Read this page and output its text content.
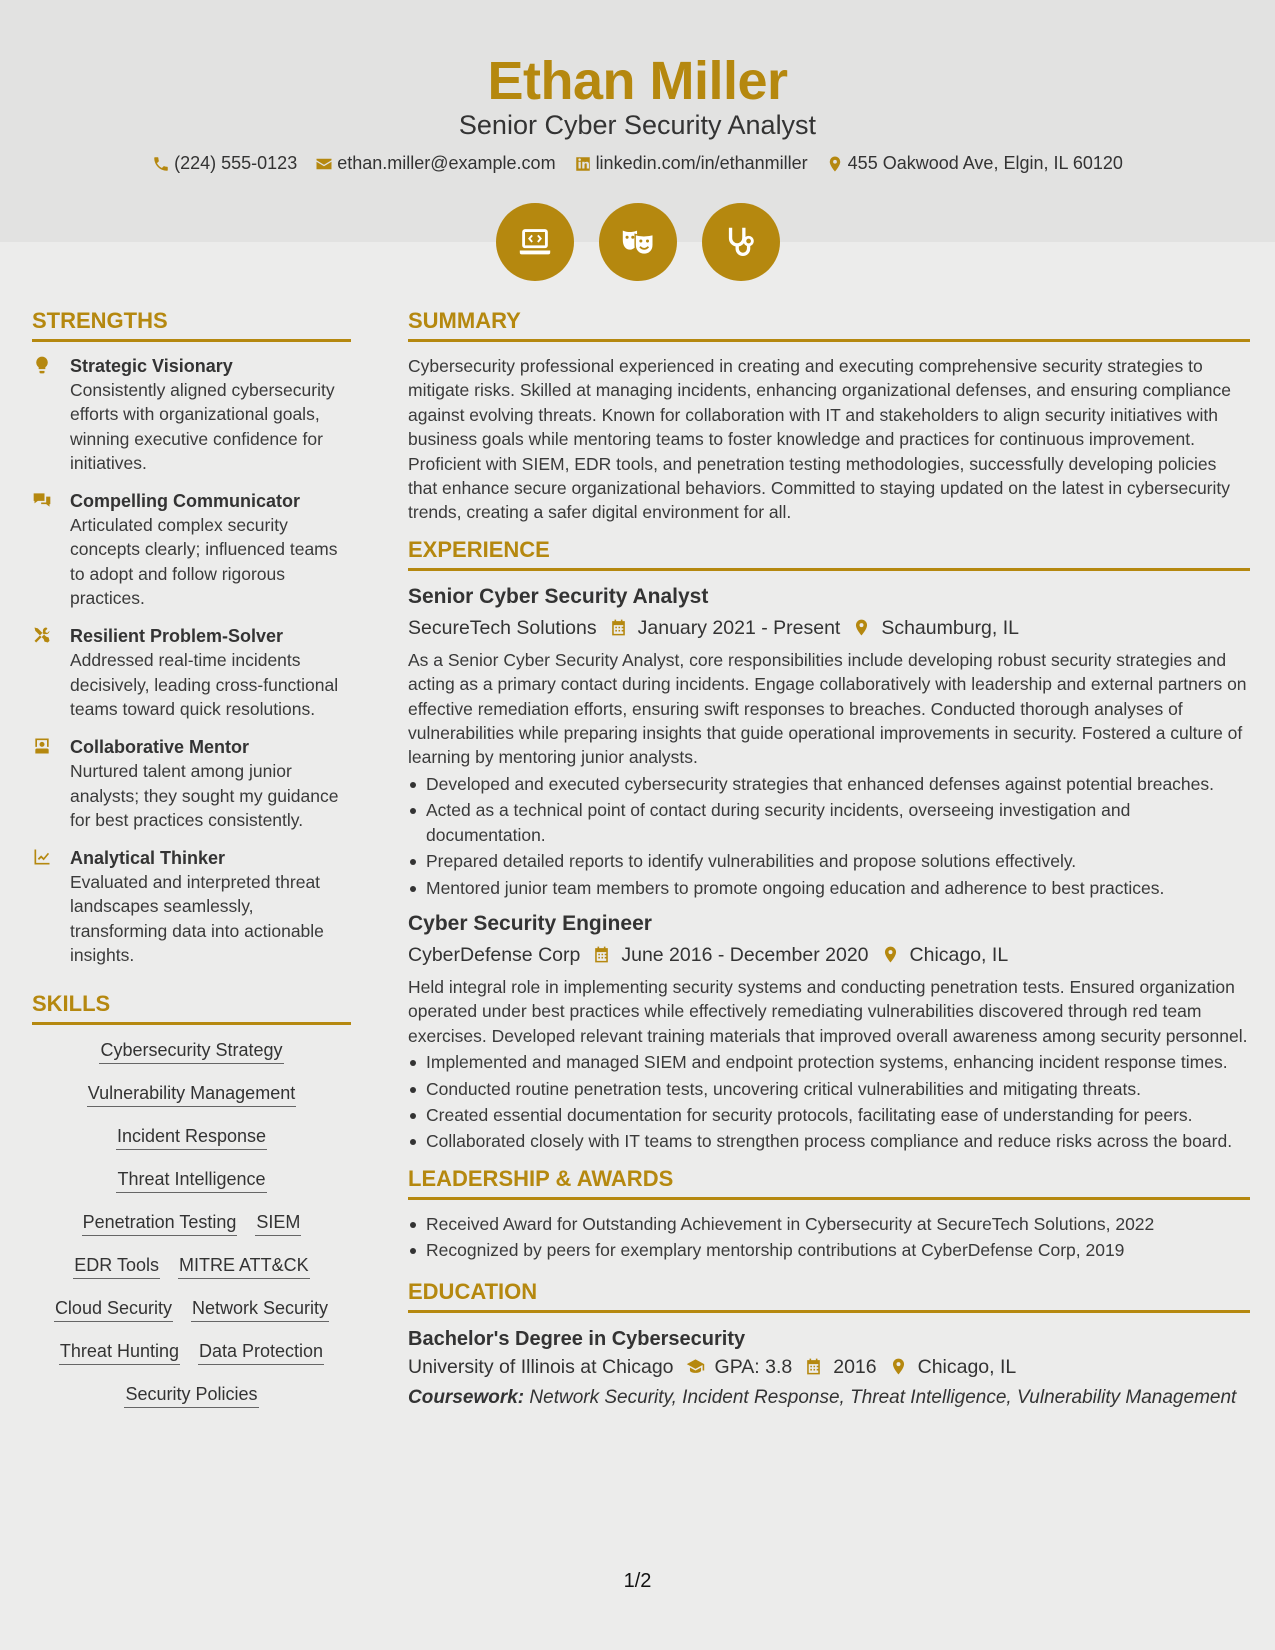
Ethan Miller
Senior Cyber Security Analyst
(224) 555-0123 ethan.miller@example.com linkedin.com/in/ethanmiller 455 Oakwood Ave, Elgin, IL 60120
STRENGTHS
Strategic Visionary
Consistently aligned cybersecurity efforts with organizational goals, winning executive confidence for initiatives.
Compelling Communicator
Articulated complex security concepts clearly; influenced teams to adopt and follow rigorous practices.
Resilient Problem-Solver
Addressed real-time incidents decisively, leading cross-functional teams toward quick resolutions.
Collaborative Mentor
Nurtured talent among junior analysts; they sought my guidance for best practices consistently.
Analytical Thinker
Evaluated and interpreted threat landscapes seamlessly, transforming data into actionable insights.
SKILLS
Cybersecurity Strategy
Vulnerability Management
Incident Response
Threat Intelligence
Penetration Testing SIEM
EDR Tools MITRE ATT&CK
Cloud Security Network Security
Threat Hunting Data Protection
Security Policies
SUMMARY
Cybersecurity professional experienced in creating and executing comprehensive security strategies to mitigate risks. Skilled at managing incidents, enhancing organizational defenses, and ensuring compliance against evolving threats. Known for collaboration with IT and stakeholders to align security initiatives with business goals while mentoring teams to foster knowledge and practices for continuous improvement. Proficient with SIEM, EDR tools, and penetration testing methodologies, successfully developing policies that enhance secure organizational behaviors. Committed to staying updated on the latest in cybersecurity trends, creating a safer digital environment for all.
EXPERIENCE
Senior Cyber Security Analyst
SecureTech Solutions January 2021 - Present Schaumburg, IL
As a Senior Cyber Security Analyst, core responsibilities include developing robust security strategies and acting as a primary contact during incidents. Engage collaboratively with leadership and external partners on effective remediation efforts, ensuring swift responses to breaches. Conducted thorough analyses of vulnerabilities while preparing insights that guide operational improvements in security. Fostered a culture of learning by mentoring junior analysts.
Developed and executed cybersecurity strategies that enhanced defenses against potential breaches.
Acted as a technical point of contact during security incidents, overseeing investigation and documentation.
Prepared detailed reports to identify vulnerabilities and propose solutions effectively.
Mentored junior team members to promote ongoing education and adherence to best practices.
Cyber Security Engineer
CyberDefense Corp June 2016 - December 2020 Chicago, IL
Held integral role in implementing security systems and conducting penetration tests. Ensured organization operated under best practices while effectively remediating vulnerabilities discovered through red team exercises. Developed relevant training materials that improved overall awareness among security personnel.
Implemented and managed SIEM and endpoint protection systems, enhancing incident response times.
Conducted routine penetration tests, uncovering critical vulnerabilities and mitigating threats.
Created essential documentation for security protocols, facilitating ease of understanding for peers.
Collaborated closely with IT teams to strengthen process compliance and reduce risks across the board.
LEADERSHIP & AWARDS
Received Award for Outstanding Achievement in Cybersecurity at SecureTech Solutions, 2022
Recognized by peers for exemplary mentorship contributions at CyberDefense Corp, 2019
EDUCATION
Bachelor's Degree in Cybersecurity
University of Illinois at Chicago GPA: 3.8 2016 Chicago, IL
Coursework: Network Security, Incident Response, Threat Intelligence, Vulnerability Management
1/2
